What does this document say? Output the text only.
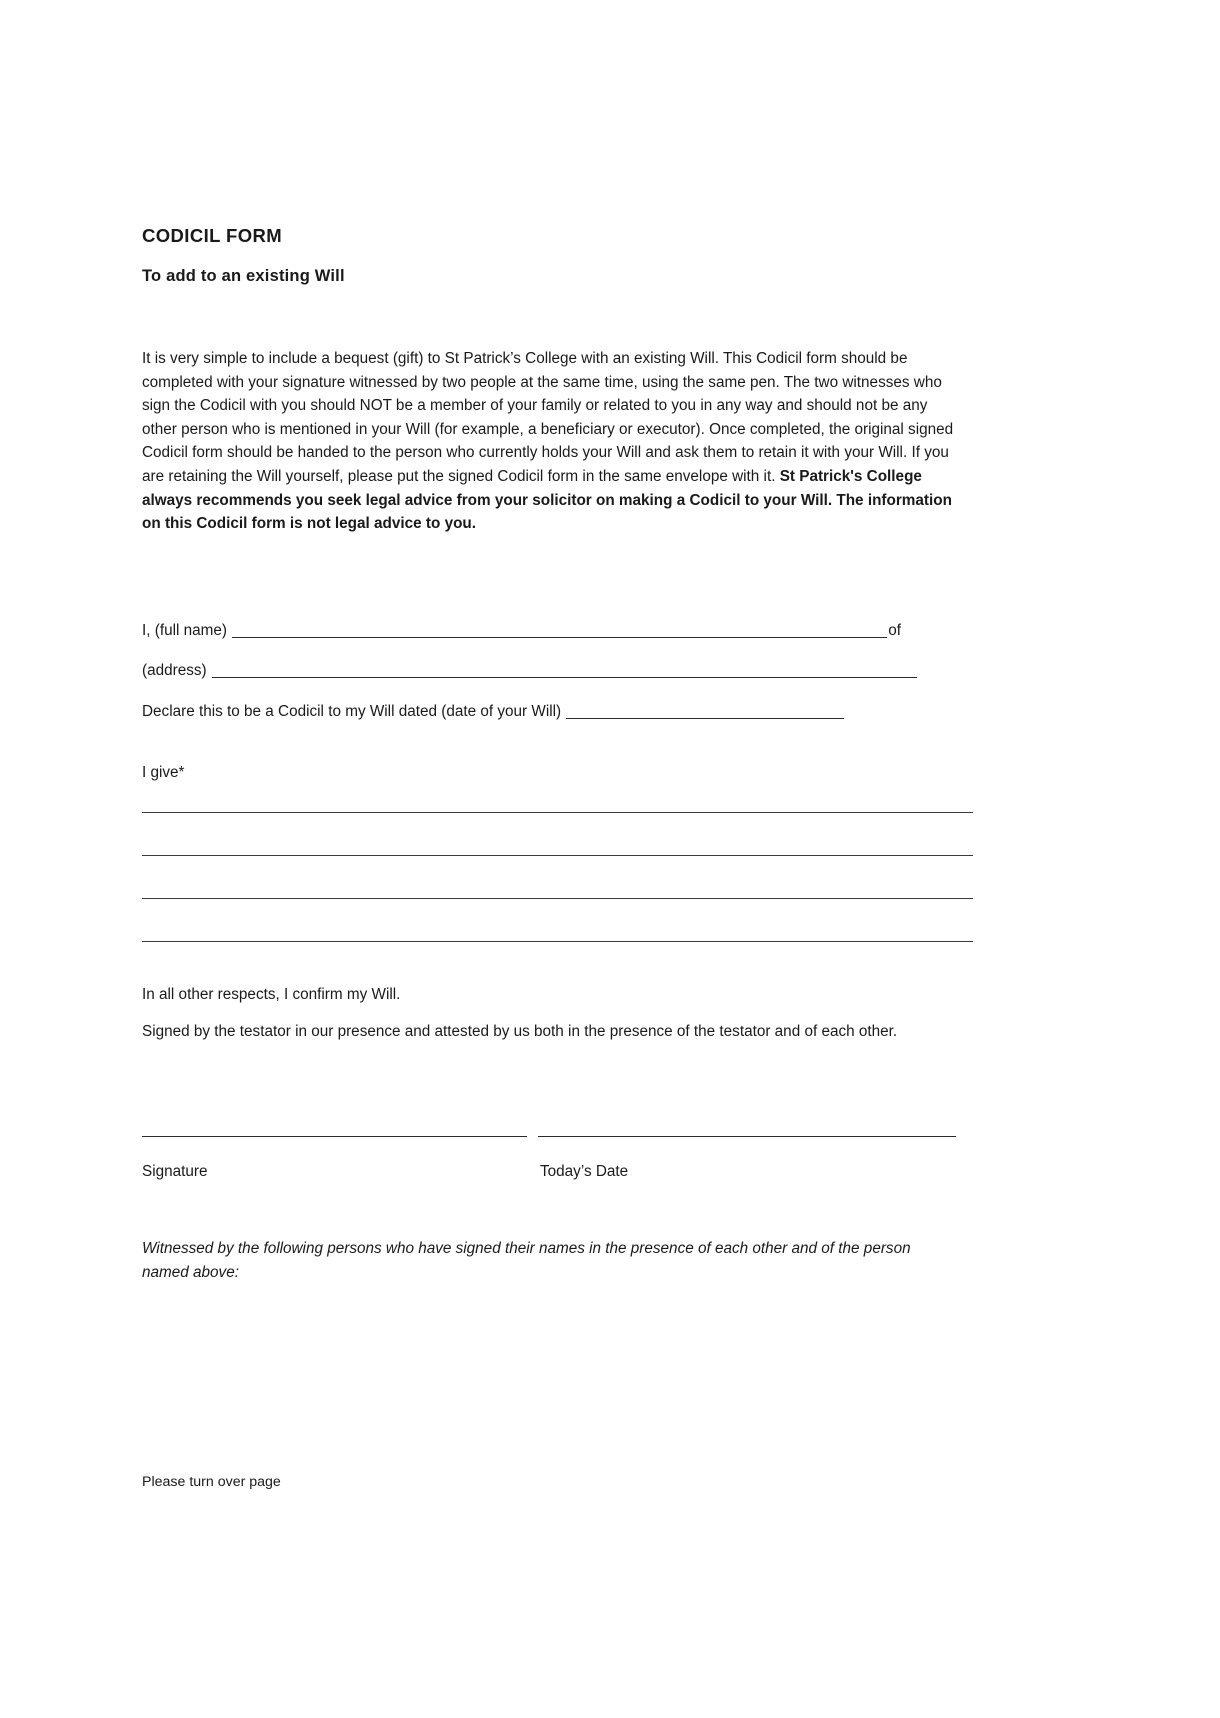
CODICIL FORM
To add to an existing Will

It is very simple to include a bequest (gift) to St Patrick’s College with an existing Will. This Codicil form should be completed with your signature witnessed by two people at the same time, using the same pen. The two witnesses who sign the Codicil with you should NOT be a member of your family or related to you in any way and should not be any other person who is mentioned in your Will (for example, a beneficiary or executor). Once completed, the original signed Codicil form should be handed to the person who currently holds your Will and ask them to retain it with your Will. If you are retaining the Will yourself, please put the signed Codicil form in the same envelope with it. St Patrick's College always recommends you seek legal advice from your solicitor on making a Codicil to your Will. The information on this Codicil form is not legal advice to you.

I, (full name)	of
(address)
Declare this to be a Codicil to my Will dated (date of your Will)
I give*
In all other respects, I confirm my Will.

Signed by the testator in our presence and attested by us both in the presence of the testator and of each other.

Signature	Today’s Date

Witnessed by the following persons who have signed their names in the presence of each other and of the person named above:

Please turn over page
